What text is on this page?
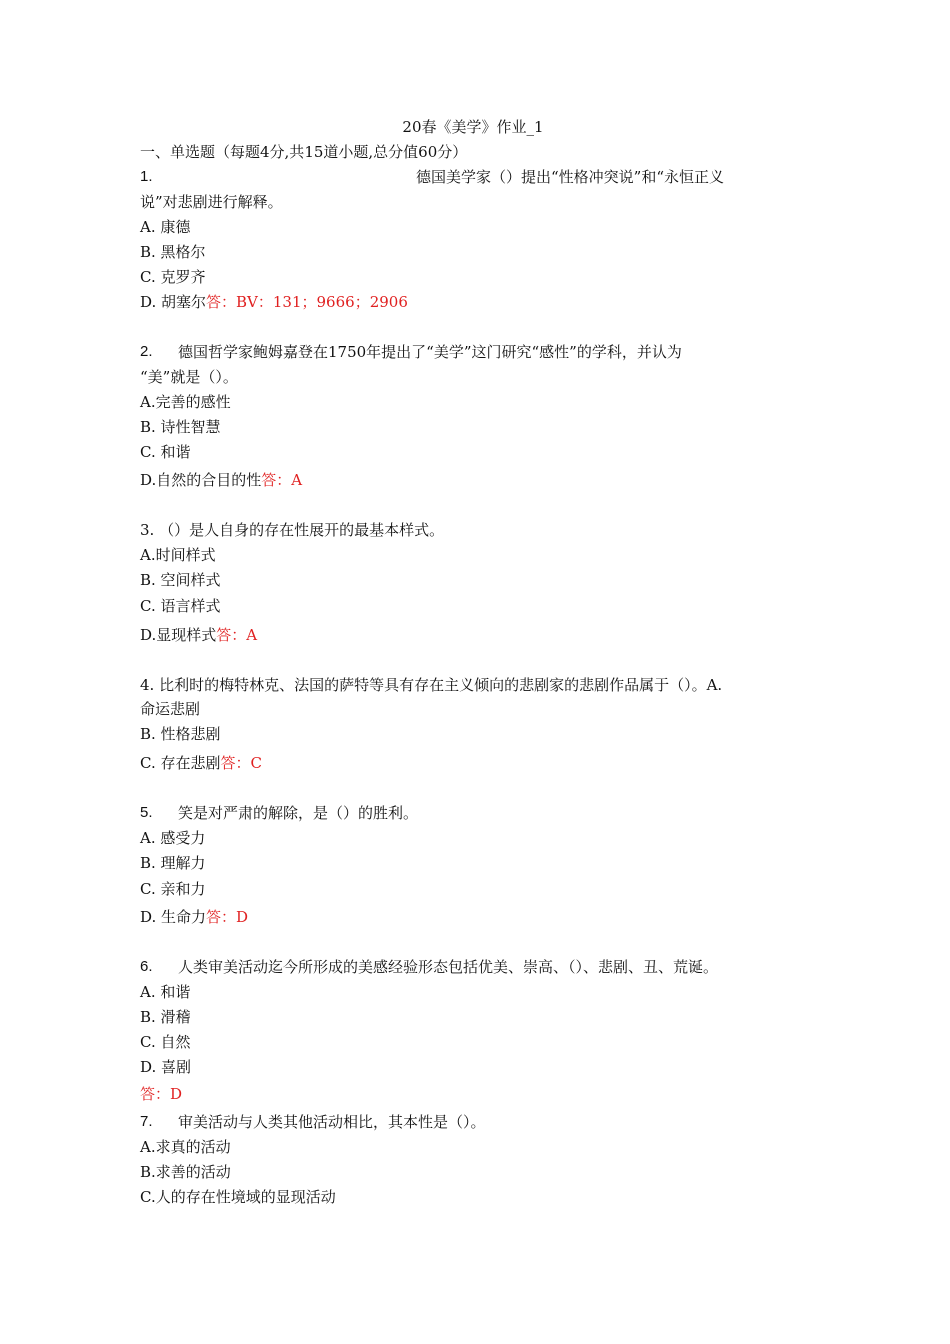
20春《美学》作业_1
一、单选题（每题4分,共15道小题,总分值60分）
1.	德国美学家（）提出“性格冲突说”和“永恒正义
说”对悲剧进行解释。
A. 康德
B. 黑格尔
C. 克罗齐
D. 胡塞尔答：BV：131；9666；2906
2. 德国哲学家鲍姆嘉登在1750年提出了“美学”这门研究“感性”的学科，并认为
“美”就是（）。
A.完善的感性
B. 诗性智慧
C. 和谐
D.自然的合目的性答：A
3. （）是人自身的存在性展开的最基本样式。
A.时间样式
B. 空间样式
C. 语言样式
D.显现样式答：A
4. 比利时的梅特林克、法国的萨特等具有存在主义倾向的悲剧家的悲剧作品属于（）。A.
命运悲剧
B. 性格悲剧
C. 存在悲剧答：C
5. 笑是对严肃的解除，是（）的胜利。
A. 感受力
B. 理解力
C. 亲和力
D. 生命力答：D
6. 人类审美活动迄今所形成的美感经验形态包括优美、崇高、（）、悲剧、丑、荒诞。
A. 和谐
B. 滑稽
C. 自然
D. 喜剧
答：D
7. 审美活动与人类其他活动相比，其本性是（）。
A.求真的活动
B.求善的活动
C.人的存在性境域的显现活动
